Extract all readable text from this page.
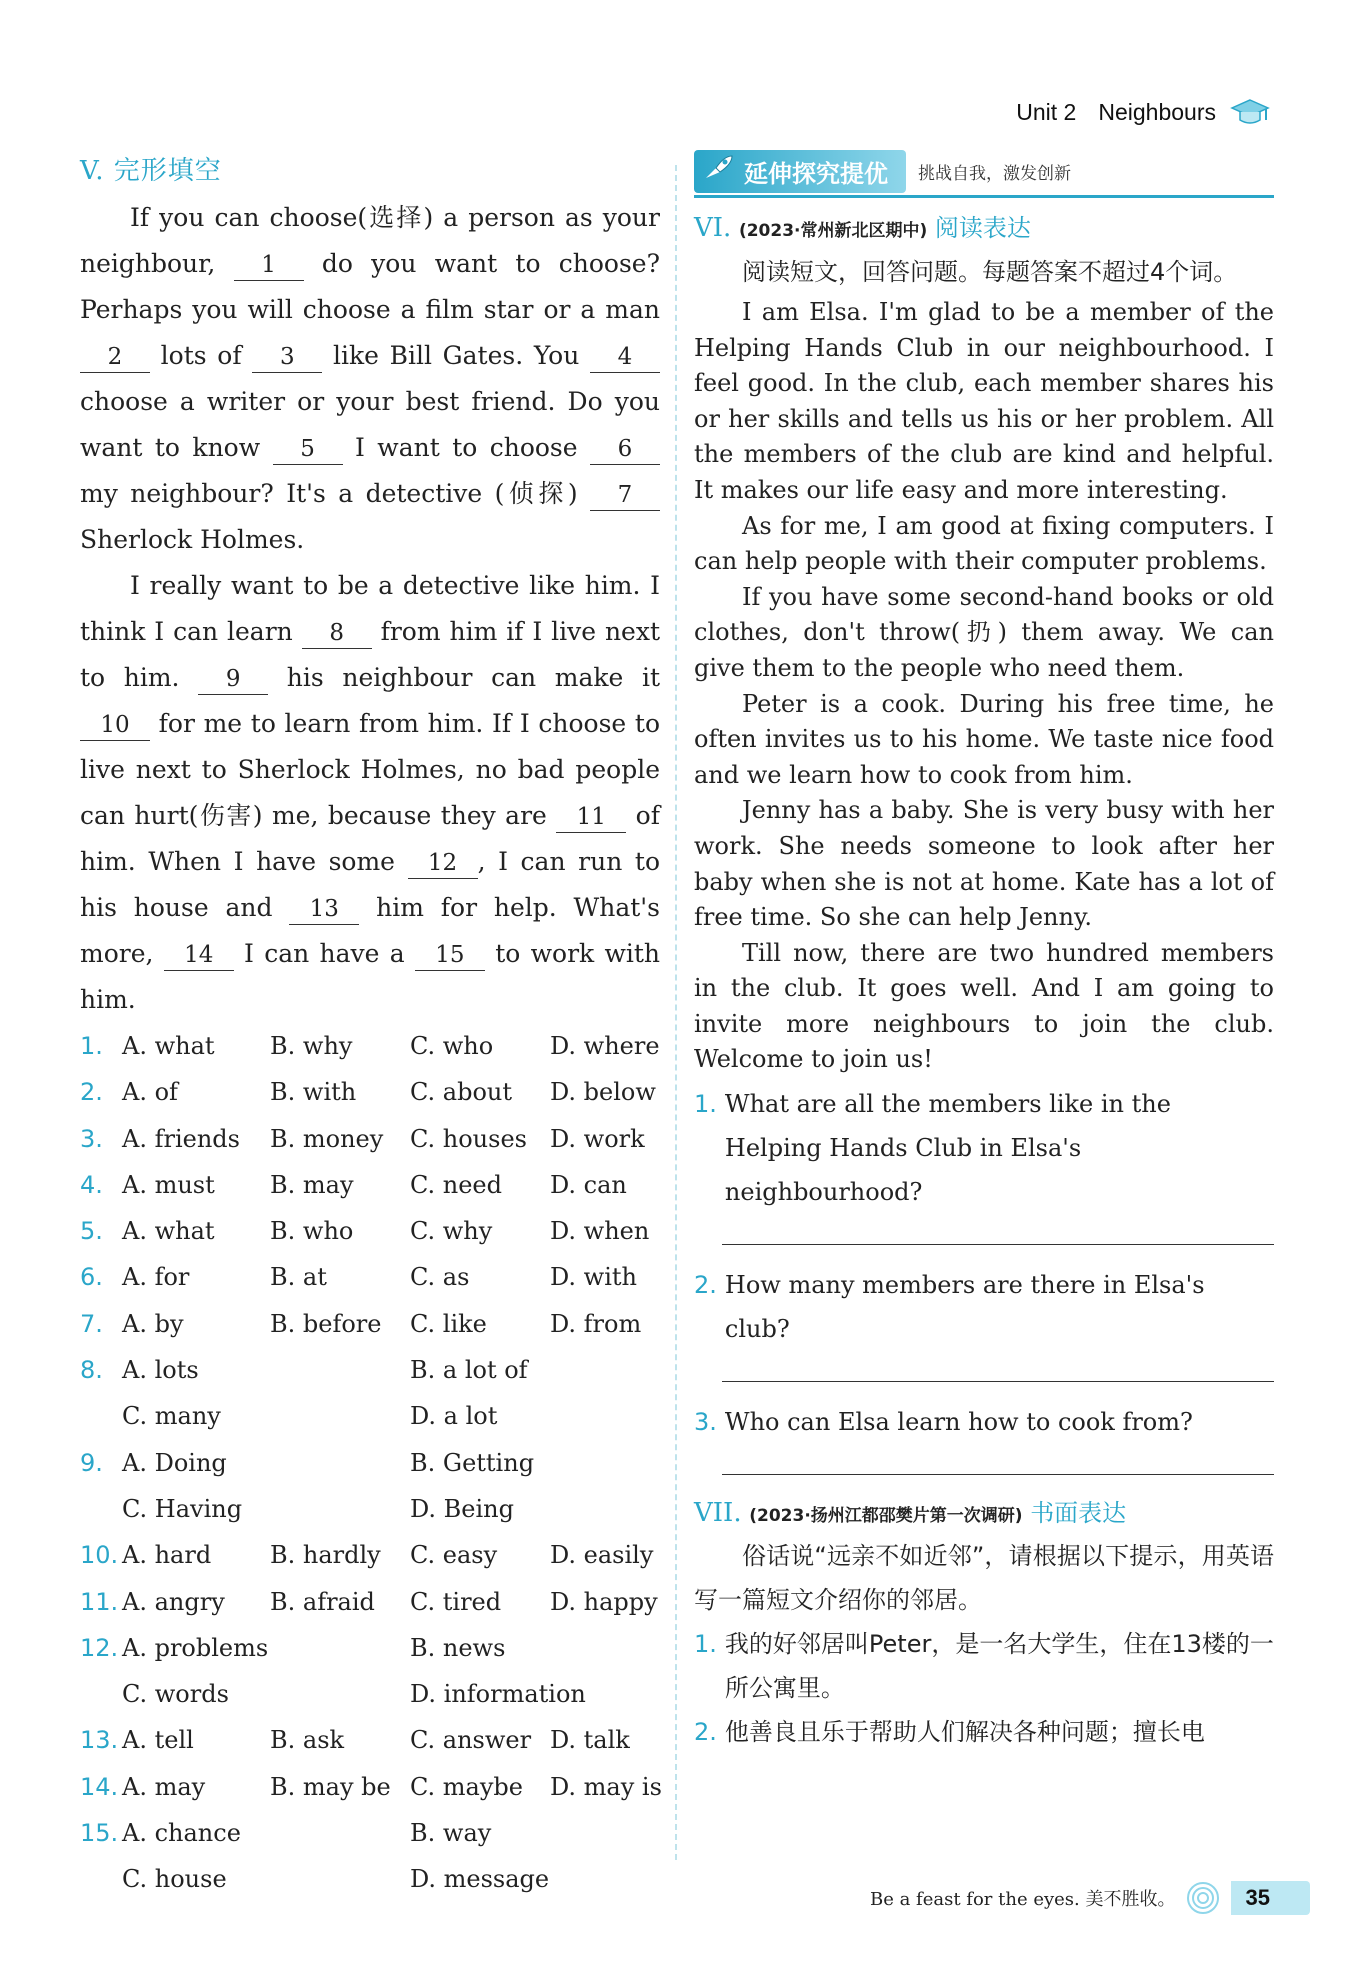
Unit 2 Neighbours
V. 完形填空

If you can choose(选择) a person as your neighbour, 1 do you want to choose? Perhaps you will choose a film star or a man 2 lots of 3 like Bill Gates. You 4 choose a writer or your best friend. Do you want to know 5 I want to choose 6 my neighbour? It's a detective (侦探) 7 Sherlock Holmes.

I really want to be a detective like him. I think I can learn 8 from him if I live next to him. 9 his neighbour can make it 10 for me to learn from him. If I choose to live next to Sherlock Holmes, no bad people can hurt(伤害) me, because they are 11 of him. When I have some 12 , I can run to his house and 13 him for help. What's more, 14 I can have a 15 to work with him.

1. A. what	B. why	C. who	D. where
2. A. of	B. with	C. about	D. below
3. A. friends	B. money	C. houses D. work
4. A. must	B. may	C. need	D. can
5. A. what	B. who	C. why	D. when
6. A. for	B. at	C. as	D. with
7. A. by	B. before	C. like	D. from
8. A. lots	B. a lot of
C. many	D. a lot
9. A. Doing	B. Getting
C. Having	D. Being
10. A. hard	B. hardly	C. easy	D. easily
11. A. angry	B. afraid	C. tired	D. happy
12. A. problems	B. news
C. words	D. information
13. A. tell	B. ask	C. answer D. talk
14. A. may	B. may be C. maybe	D. may is
15. A. chance	B. way
C. house	D. message
延伸探究提优	挑战自我，激发创新
VI. (2023·常州新北区期中) 阅读表达

阅读短文，回答问题。每题答案不超过4个词。

I am Elsa. I'm glad to be a member of the Helping Hands Club in our neighbourhood. I feel good. In the club, each member shares his or her skills and tells us his or her problem. All the members of the club are kind and helpful. It makes our life easy and more interesting.

As for me, I am good at fixing computers. I can help people with their computer problems.

If you have some second-hand books or old clothes, don't throw(扔) them away. We can give them to the people who need them.

Peter is a cook. During his free time, he often invites us to his home. We taste nice food and we learn how to cook from him.

Jenny has a baby. She is very busy with her work. She needs someone to look after her baby when she is not at home. Kate has a lot of free time. So she can help Jenny.

Till now, there are two hundred members in the club. It goes well. And I am going to invite more neighbours to join the club. Welcome to join us!

1. What are all the members like in the Helping Hands Club in Elsa's neighbourhood?
2. How many members are there in Elsa's club?
3. Who can Elsa learn how to cook from?
VII. (2023·扬州江都邵樊片第一次调研) 书面表达

俗话说“远亲不如近邻”，请根据以下提示，用英语写一篇短文介绍你的邻居。

1. 我的好邻居叫Peter，是一名大学生，住在13楼的一所公寓里。
2. 他善良且乐于帮助人们解决各种问题；擅长电
Be a feast for the eyes. 美不胜收。	35
